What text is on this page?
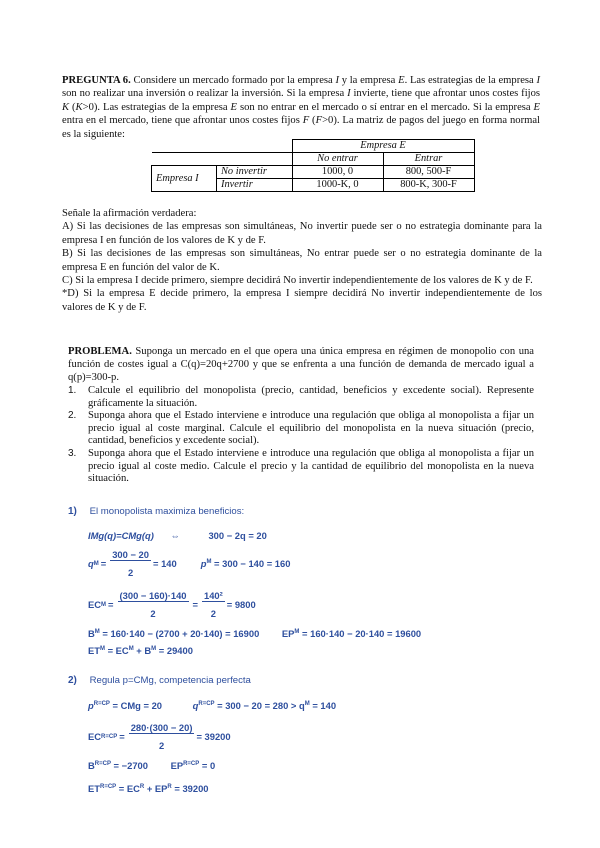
PREGUNTA 6. Considere un mercado formado por la empresa I y la empresa E. Las estrategias de la empresa I son no realizar una inversión o realizar la inversión. Si la empresa I invierte, tiene que afrontar unos costes fijos K (K>0). Las estrategias de la empresa E son no entrar en el mercado o sí entrar en el mercado. Si la empresa E entra en el mercado, tiene que afrontar unos costes fijos F (F>0). La matriz de pagos del juego en forma normal es la siguiente:
		Empresa E	
		No entrar	Entrar
Empresa I	No invertir	1000, 0	800, 500-F
	Invertir	1000-K, 0	800-K, 300-F
Señale la afirmación verdadera:
A) Si las decisiones de las empresas son simultáneas, No invertir puede ser o no estrategia dominante para la empresa I en función de los valores de K y de F.
B) Si las decisiones de las empresas son simultáneas, No entrar puede ser o no estrategia dominante de la empresa E en función del valor de K.
C) Si la empresa I decide primero, siempre decidirá No invertir independientemente de los valores de K y de F.
*D) Si la empresa E decide primero, la empresa I siempre decidirá No invertir independientemente de los valores de K y de F.
PROBLEMA. Suponga un mercado en el que opera una única empresa en régimen de monopolio con una función de costes igual a C(q)=20q+2700 y que se enfrenta a una función de demanda de mercado igual a q(p)=300-p.
1.	Calcule el equilibrio del monopolista (precio, cantidad, beneficios y excedente social). Represente gráficamente la situación.
2.	Suponga ahora que el Estado interviene e introduce una regulación que obliga al monopolista a fijar un precio igual al coste marginal. Calcule el equilibrio del monopolista en la nueva situación (precio, cantidad, beneficios y excedente social).
3.	Suponga ahora que el Estado interviene e introduce una regulación que obliga al monopolista a fijar un precio igual al coste medio. Calcule el precio y la cantidad de equilibrio del monopolista en la nueva situación.
1) El monopolista maximiza beneficios:
IMg(q)=CMg(q) ⇔	300 − 2q = 20
q $M = \frac{300 - 20}{2} = 140$	$p^M = 300 - 140 = 160$
EC $M = \frac{(300 - 160)\cdot 140}{2} = \frac{\text{140²}}{2} = 9800$
$B^M = 160\cdot 140 - (2700 + 20\cdot 140) = 16900$ $EP^M = 160\cdot 140 - 20\cdot 140 = 19600$
$ET^M = EC^M + B^M = 29400$
2) Regula p=CMg, competencia perfecta
$p^{R=CP}$ = CMg = 20	$q^{R=CP} = 300 - 20 = 280 > q^M = 140$
EC $R=CP = \frac{280\cdot(300 - 20)}{2} = 39200$
$B^{R=CP} = -2700$ $EP^{R=CP} = 0$
$ET^{R=CP} = EC^R + EP^R = 39200$
